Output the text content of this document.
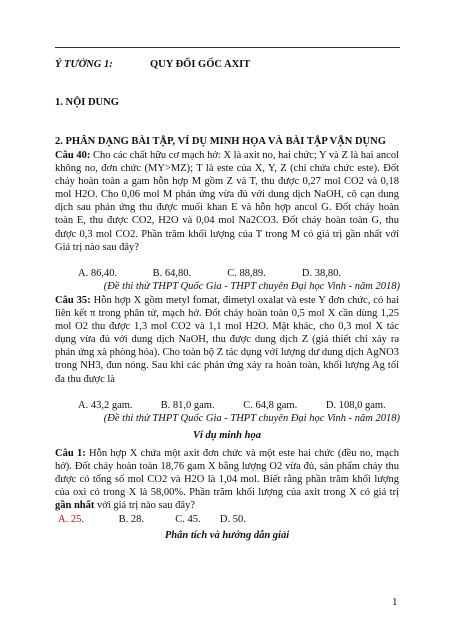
Ý TƯỞNG 1:	QUY ĐỔI GỐC AXIT
1. NỘI DUNG
2. PHÂN DẠNG BÀI TẬP, VÍ DỤ MINH HỌA VÀ BÀI TẬP VẬN DỤNG
Câu 40: Cho các chất hữu cơ mạch hở: X là axit no, hai chức; Y và Z là hai ancol không no, đơn chức (MY>MZ); T là este của X, Y, Z (chỉ chứa chức este). Đốt cháy hoàn toàn a gam hỗn hợp M gồm Z và T, thu được 0,27 mol CO2 và 0,18 mol H2O. Cho 0,06 mol M phản ứng vừa đủ với dung dịch NaOH, cô cạn dung dịch sau phản ứng thu được muối khan E và hỗn hợp ancol G. Đốt cháy hoàn toàn E, thu được CO2, H2O và 0,04 mol Na2CO3. Đốt cháy hoàn toàn G, thu được 0,3 mol CO2. Phần trăm khối lượng của T trong M có giá trị gần nhất với Giá trị nào sau đây?
A. 86,40.	B. 64,80.	C. 88,89.	D. 38,80.
(Đề thi thử THPT Quốc Gia - THPT chuyên Đại học Vinh - năm 2018)
Câu 35: Hỗn hợp X gồm metyl fomat, đimetyl oxalat và este Y đơn chức, có hai liên kết π trong phân tử, mạch hở. Đốt cháy hoàn toàn 0,5 mol X cần dùng 1,25 mol O2 thu được 1,3 mol CO2 và 1,1 mol H2O. Mặt khác, cho 0,3 mol X tác dụng vừa đủ với dung dịch NaOH, thu được dung dịch Z (giả thiết chỉ xảy ra phản ứng xà phòng hóa). Cho toàn bộ Z tác dụng với lượng dư dung dịch AgNO3 trong NH3, đun nóng. Sau khi các phản ứng xảy ra hoàn toàn, khối lượng Ag tối đa thu được là
A. 43,2 gam.	B. 81,0 gam.	C. 64,8 gam.	D. 108,0 gam.
(Đề thi thử THPT Quốc Gia - THPT chuyên Đại học Vinh - năm 2018)
Ví dụ minh họa
Câu 1: Hỗn hợp X chứa một axit đơn chức và một este hai chức (đều no, mạch hở). Đốt cháy hoàn toàn 18,76 gam X bằng lượng O2 vừa đủ, sản phẩm cháy thu được có tổng số mol CO2 và H2O là 1,04 mol. Biết rằng phần trăm khối lượng của oxi có trong X là 58,00%. Phần trăm khối lượng của axit trong X có giá trị gần nhất với giá trị nào sau đây?
A. 25.	B. 28.	C. 45. D. 50.
Phân tích và hướng dẫn giải
1
